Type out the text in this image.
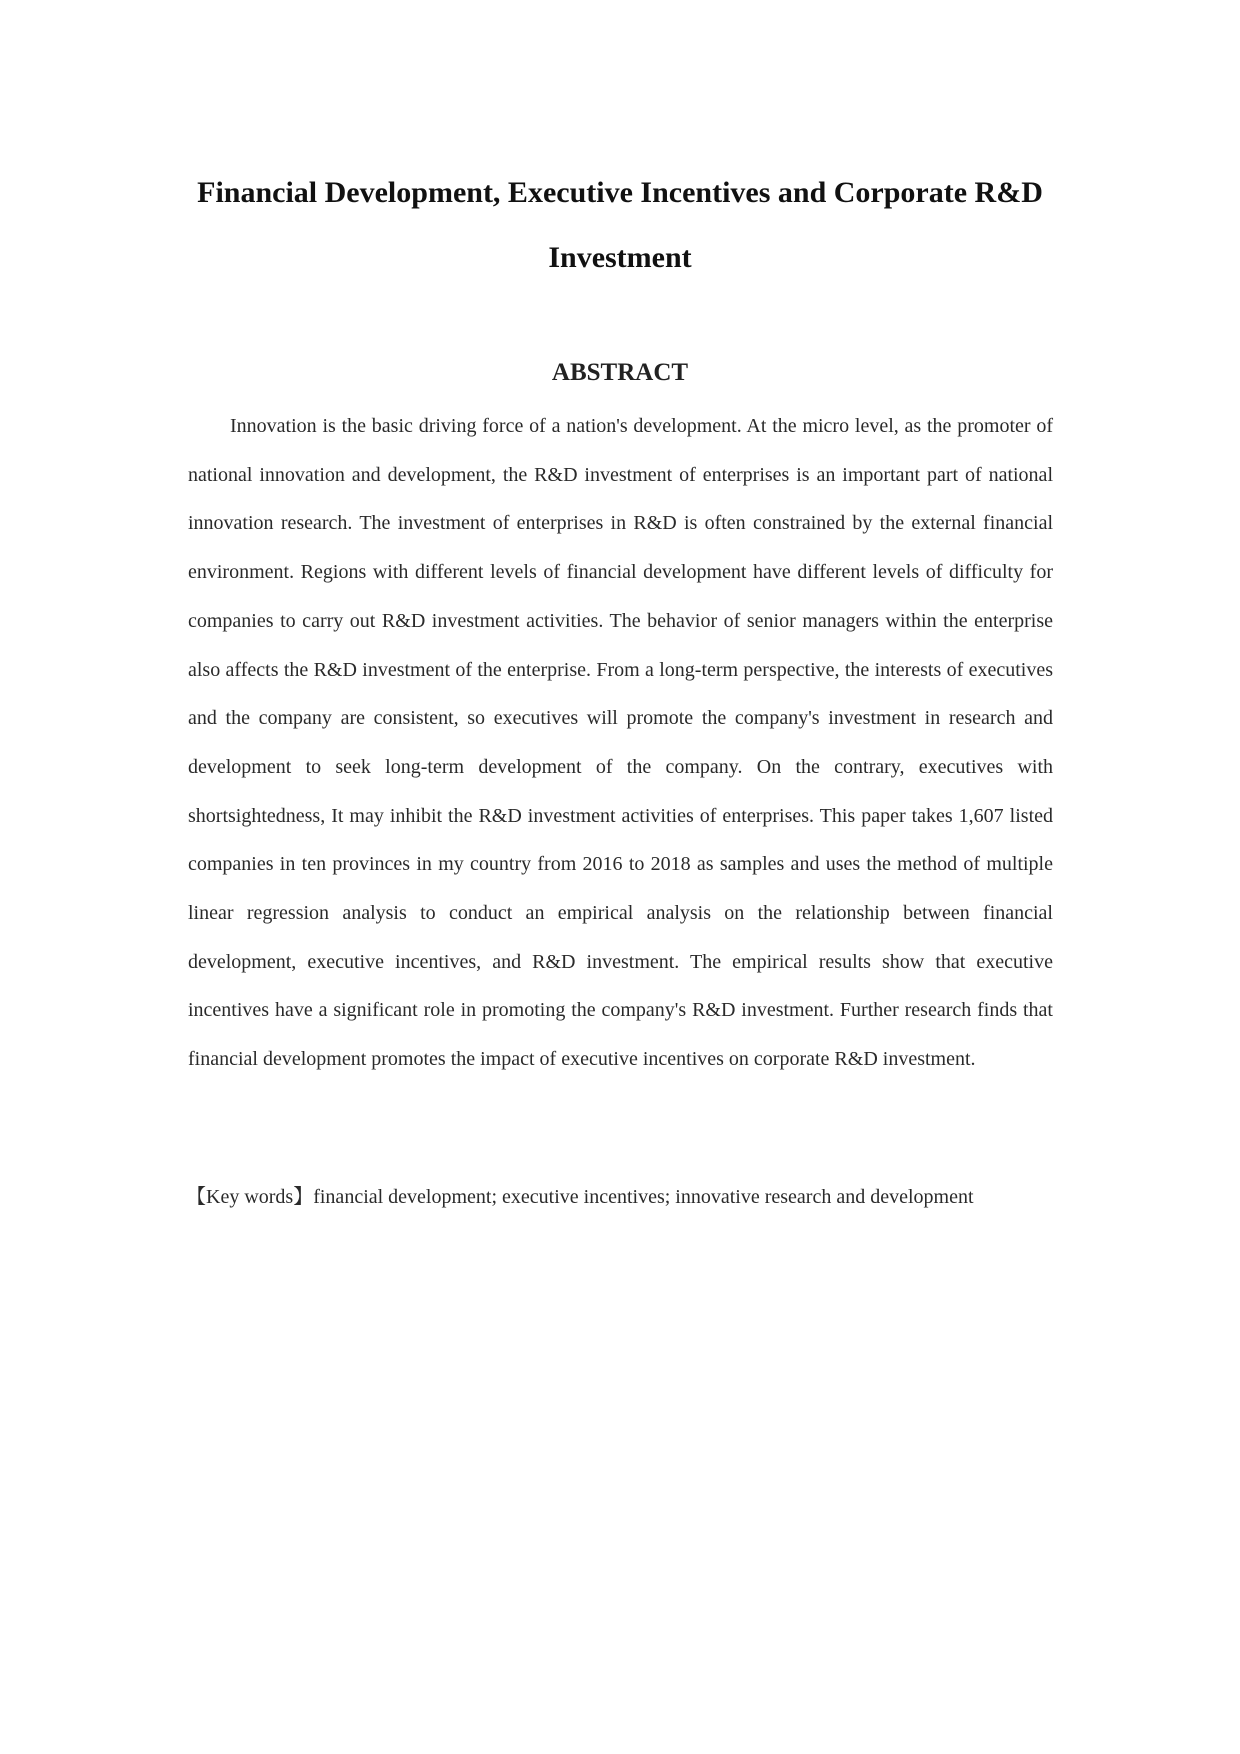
Financial Development, Executive Incentives and Corporate R&D Investment
ABSTRACT

Innovation is the basic driving force of a nation's development. At the micro level, as the promoter of national innovation and development, the R&D investment of enterprises is an important part of national innovation research. The investment of enterprises in R&D is often constrained by the external financial environment. Regions with different levels of financial development have different levels of difficulty for companies to carry out R&D investment activities. The behavior of senior managers within the enterprise also affects the R&D investment of the enterprise. From a long-term perspective, the interests of executives and the company are consistent, so executives will promote the company's investment in research and development to seek long-term development of the company. On the contrary, executives with shortsightedness, It may inhibit the R&D investment activities of enterprises. This paper takes 1,607 listed companies in ten provinces in my country from 2016 to 2018 as samples and uses the method of multiple linear regression analysis to conduct an empirical analysis on the relationship between financial development, executive incentives, and R&D investment. The empirical results show that executive incentives have a significant role in promoting the company's R&D investment. Further research finds that financial development promotes the impact of executive incentives on corporate R&D investment.

【Key words】financial development; executive incentives; innovative research and development
